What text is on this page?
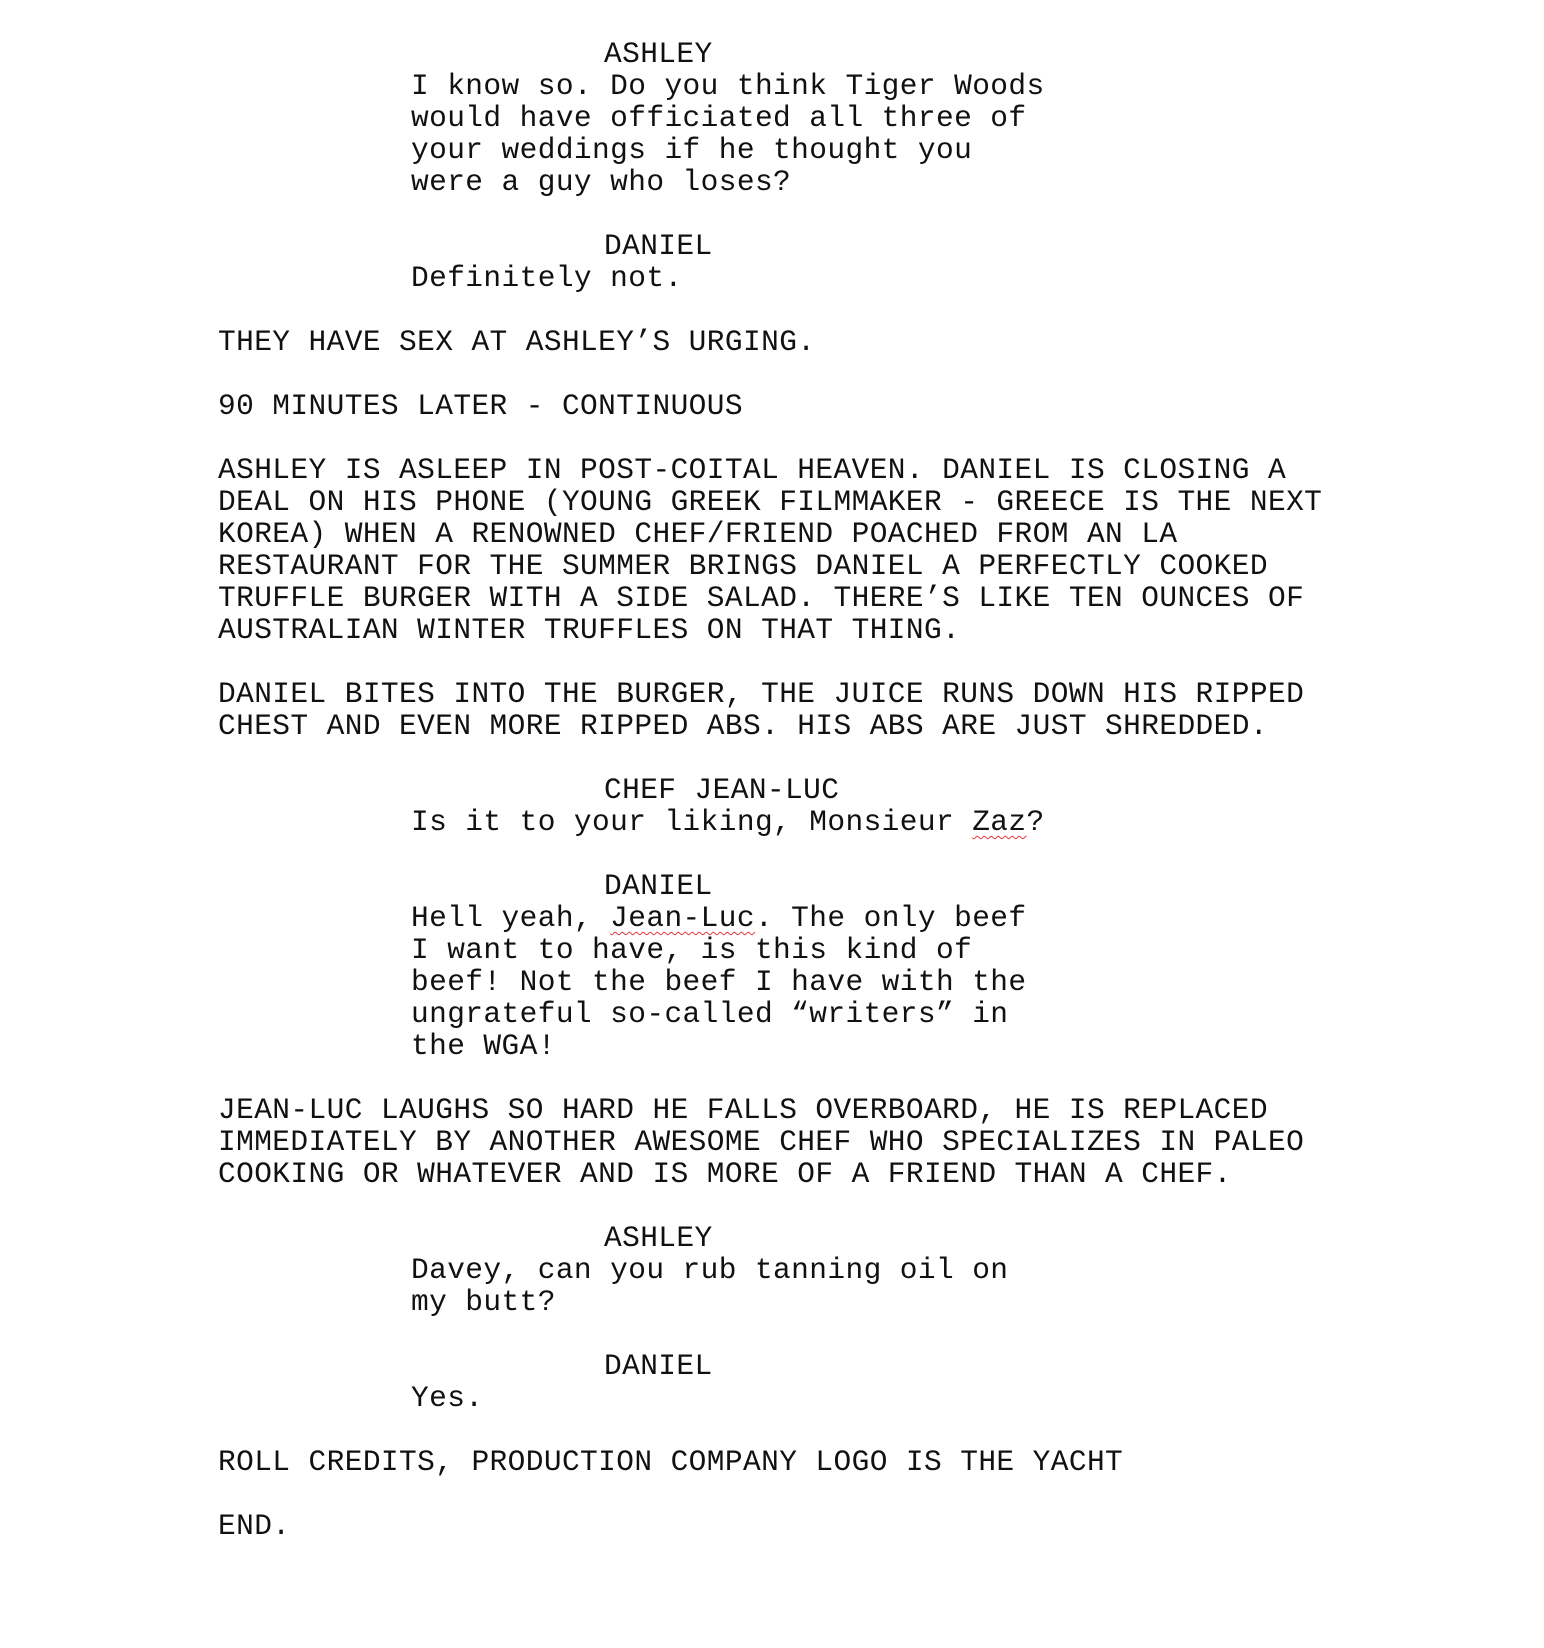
ASHLEY
I know so. Do you think Tiger Woods
would have officiated all three of
your weddings if he thought you
were a guy who loses?
DANIEL
Definitely not.
THEY HAVE SEX AT ASHLEY’S URGING.
90 MINUTES LATER - CONTINUOUS
ASHLEY IS ASLEEP IN POST-COITAL HEAVEN. DANIEL IS CLOSING A
DEAL ON HIS PHONE (YOUNG GREEK FILMMAKER - GREECE IS THE NEXT
KOREA) WHEN A RENOWNED CHEF/FRIEND POACHED FROM AN LA
RESTAURANT FOR THE SUMMER BRINGS DANIEL A PERFECTLY COOKED
TRUFFLE BURGER WITH A SIDE SALAD. THERE’S LIKE TEN OUNCES OF
AUSTRALIAN WINTER TRUFFLES ON THAT THING.
DANIEL BITES INTO THE BURGER, THE JUICE RUNS DOWN HIS RIPPED
CHEST AND EVEN MORE RIPPED ABS. HIS ABS ARE JUST SHREDDED.
CHEF JEAN-LUC
Is it to your liking, Monsieur Zaz?
DANIEL
Hell yeah, Jean-Luc. The only beef
I want to have, is this kind of
beef! Not the beef I have with the
ungrateful so-called “writers” in
the WGA!
JEAN-LUC LAUGHS SO HARD HE FALLS OVERBOARD, HE IS REPLACED
IMMEDIATELY BY ANOTHER AWESOME CHEF WHO SPECIALIZES IN PALEO
COOKING OR WHATEVER AND IS MORE OF A FRIEND THAN A CHEF.
ASHLEY
Davey, can you rub tanning oil on
my butt?
DANIEL
Yes.
ROLL CREDITS, PRODUCTION COMPANY LOGO IS THE YACHT
END.
